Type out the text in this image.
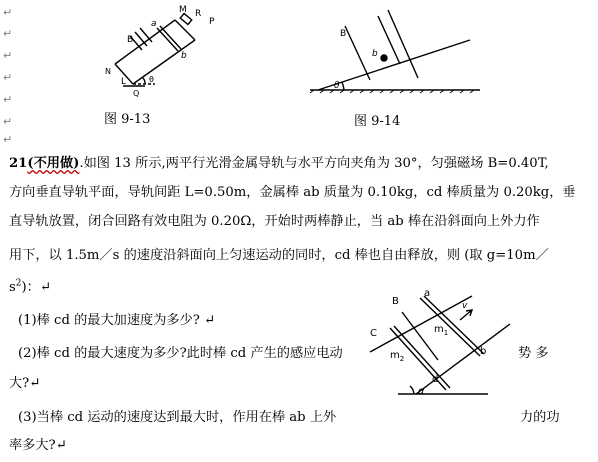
↵
↵
↵
↵
↵
↵
↵
M R
P
a
B
b
N
L
Q
θ
图 9-13
B
b
θ
图 9-14
21(不用做).如图 13 所示,两平行光滑金属导轨与水平方向夹角为 30°，匀强磁场 B=0.40T,
方向垂直导轨平面，导轨间距 L=0.50m，金属棒 ab 质量为 0.10kg，cd 棒质量为 0.20kg，垂
直导轨放置，闭合回路有效电阻为 0.20Ω，开始时两棒静止，当 ab 棒在沿斜面向上外力作
用下，以 1.5m／s 的速度沿斜面向上匀速运动的同时，cd 棒也自由释放，则 (取 g=10m／
$s^2$)：↵
(1)棒 cd 的最大加速度为多少? ↵
(2)棒 cd 的最大速度为多少?此时棒 cd 产生的感应电动	势 多
大?↵
(3)当棒 cd 运动的速度达到最大时，作用在棒 ab 上外	力的功
率多大?↵
B
a
C	$m_1$
v
$m_2$
b
d
α
